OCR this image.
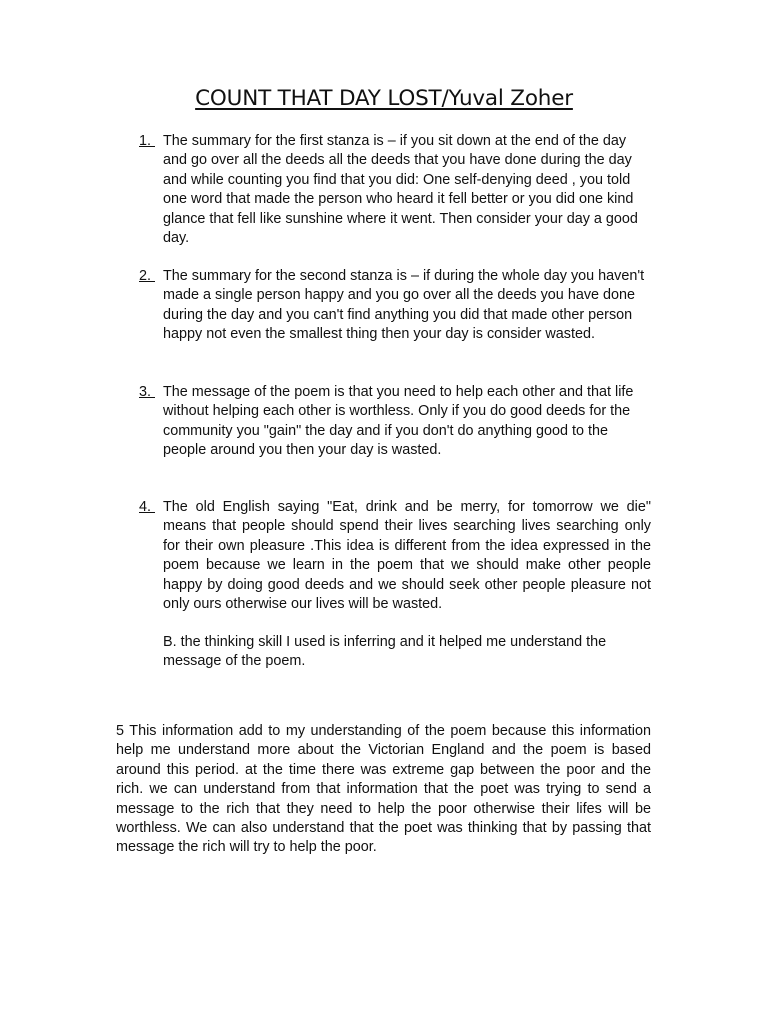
COUNT THAT DAY LOST/Yuval Zoher
1. The summary for the first stanza is – if you sit down at the end of the day and go over all the deeds all the deeds that you have done during the day and while counting you find that you did: One self-denying deed , you told one word that made the person who heard it fell better or you did one kind glance that fell like sunshine where it went. Then consider your day a good day.
2. The summary for the second stanza is – if during the whole day you haven't made a single person happy and you go over all the deeds you have done during the day and you can't find anything you did that made other person happy not even the smallest thing then your day is consider wasted.
3. The message of the poem is that you need to help each other and that life without helping each other is worthless. Only if you do good deeds for the community you "gain" the day and if you don't do anything good to the people around you then your day is wasted.
4. The old English saying "Eat, drink and be merry, for tomorrow we die" means that people should spend their lives searching lives searching only for their own pleasure .This idea is different from the idea expressed in the poem because we learn in the poem that we should make other people happy by doing good deeds and we should seek other people pleasure not only ours otherwise our lives will be wasted.
B. the thinking skill I used is inferring and it helped me understand the message of the poem.
5 This information add to my understanding of the poem because this information help me understand more about the Victorian England and the poem is based around this period. at the time there was extreme gap between the poor and the rich. we can understand from that information that the poet was trying to send a message to the rich that they need to help the poor otherwise their lifes will be worthless. We can also understand that the poet was thinking that by passing that message the rich will try to help the poor.
